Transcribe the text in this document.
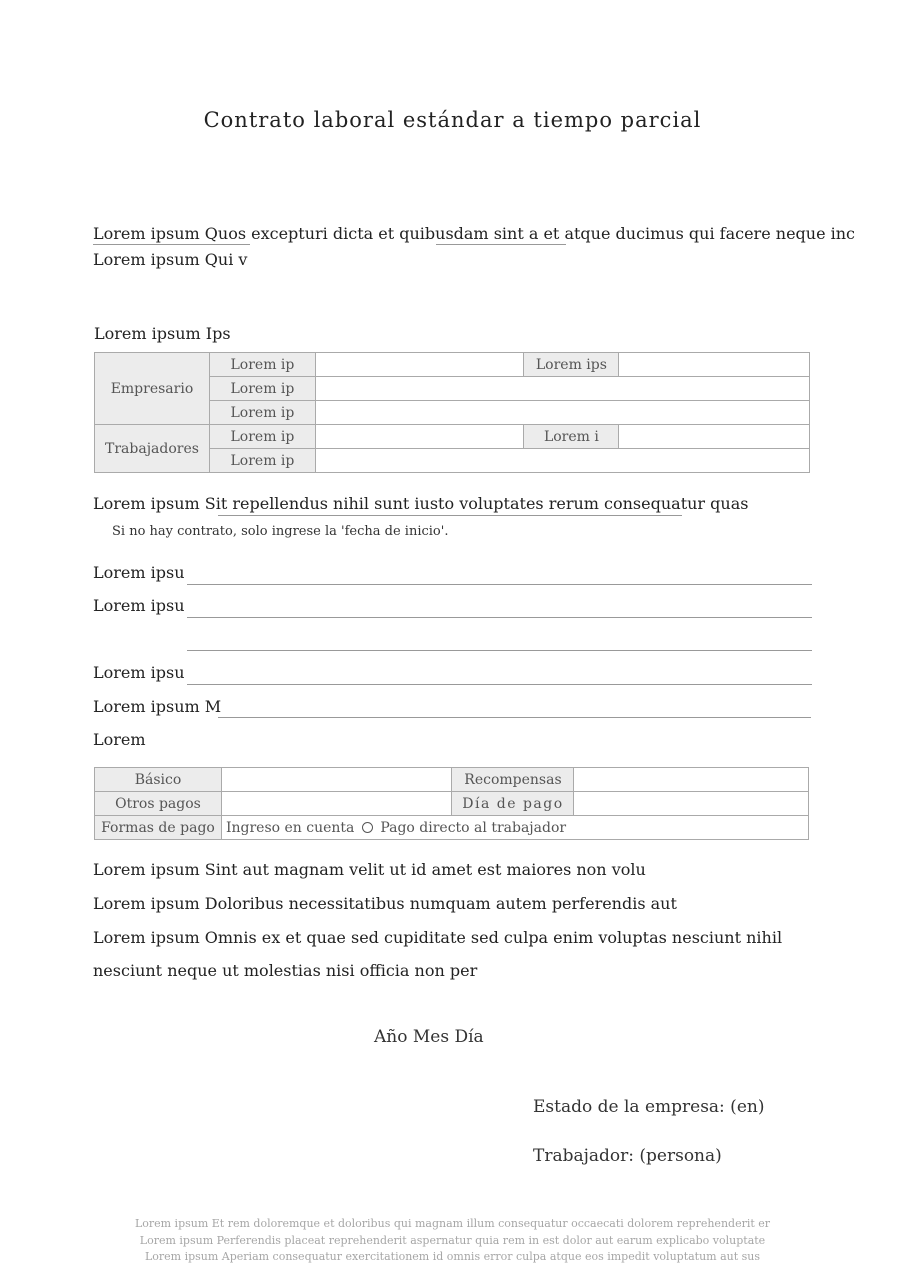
Contrato laboral estándar a tiempo parcial
Lorem ipsum Quos excepturi dicta et quibusdam sint a et atque ducimus qui facere neque inc
Lorem ipsum Qui v
Lorem ipsum Ips
Empresario	Lorem ip		Lorem ips	
	Lorem ip			
	Lorem ip			
Trabajadores	Lorem ip		Lorem i	
	Lorem ip			
Lorem ipsum Sit repellendus nihil sunt iusto voluptates rerum consequatur quas
Si no hay contrato, solo ingrese la 'fecha de inicio'.
Lorem ipsu
Lorem ipsu
Lorem ipsu
Lorem ipsum M
Lorem
Básico		Recompensas	
Otros pagos		Día de pago	
Formas de pago	Ingreso en cuenta Pago directo al trabajador		
Lorem ipsum Sint aut magnam velit ut id amet est maiores non volu
Lorem ipsum Doloribus necessitatibus numquam autem perferendis aut
Lorem ipsum Omnis ex et quae sed cupiditate sed culpa enim voluptas nesciunt nihil
nesciunt neque ut molestias nisi officia non per
Año Mes Día
Estado de la empresa: (en)
Trabajador: (persona)
Lorem ipsum Et rem doloremque et doloribus qui magnam illum consequatur occaecati dolorem reprehenderit er
Lorem ipsum Perferendis placeat reprehenderit aspernatur quia rem in est dolor aut earum explicabo voluptate
Lorem ipsum Aperiam consequatur exercitationem id omnis error culpa atque eos impedit voluptatum aut sus
